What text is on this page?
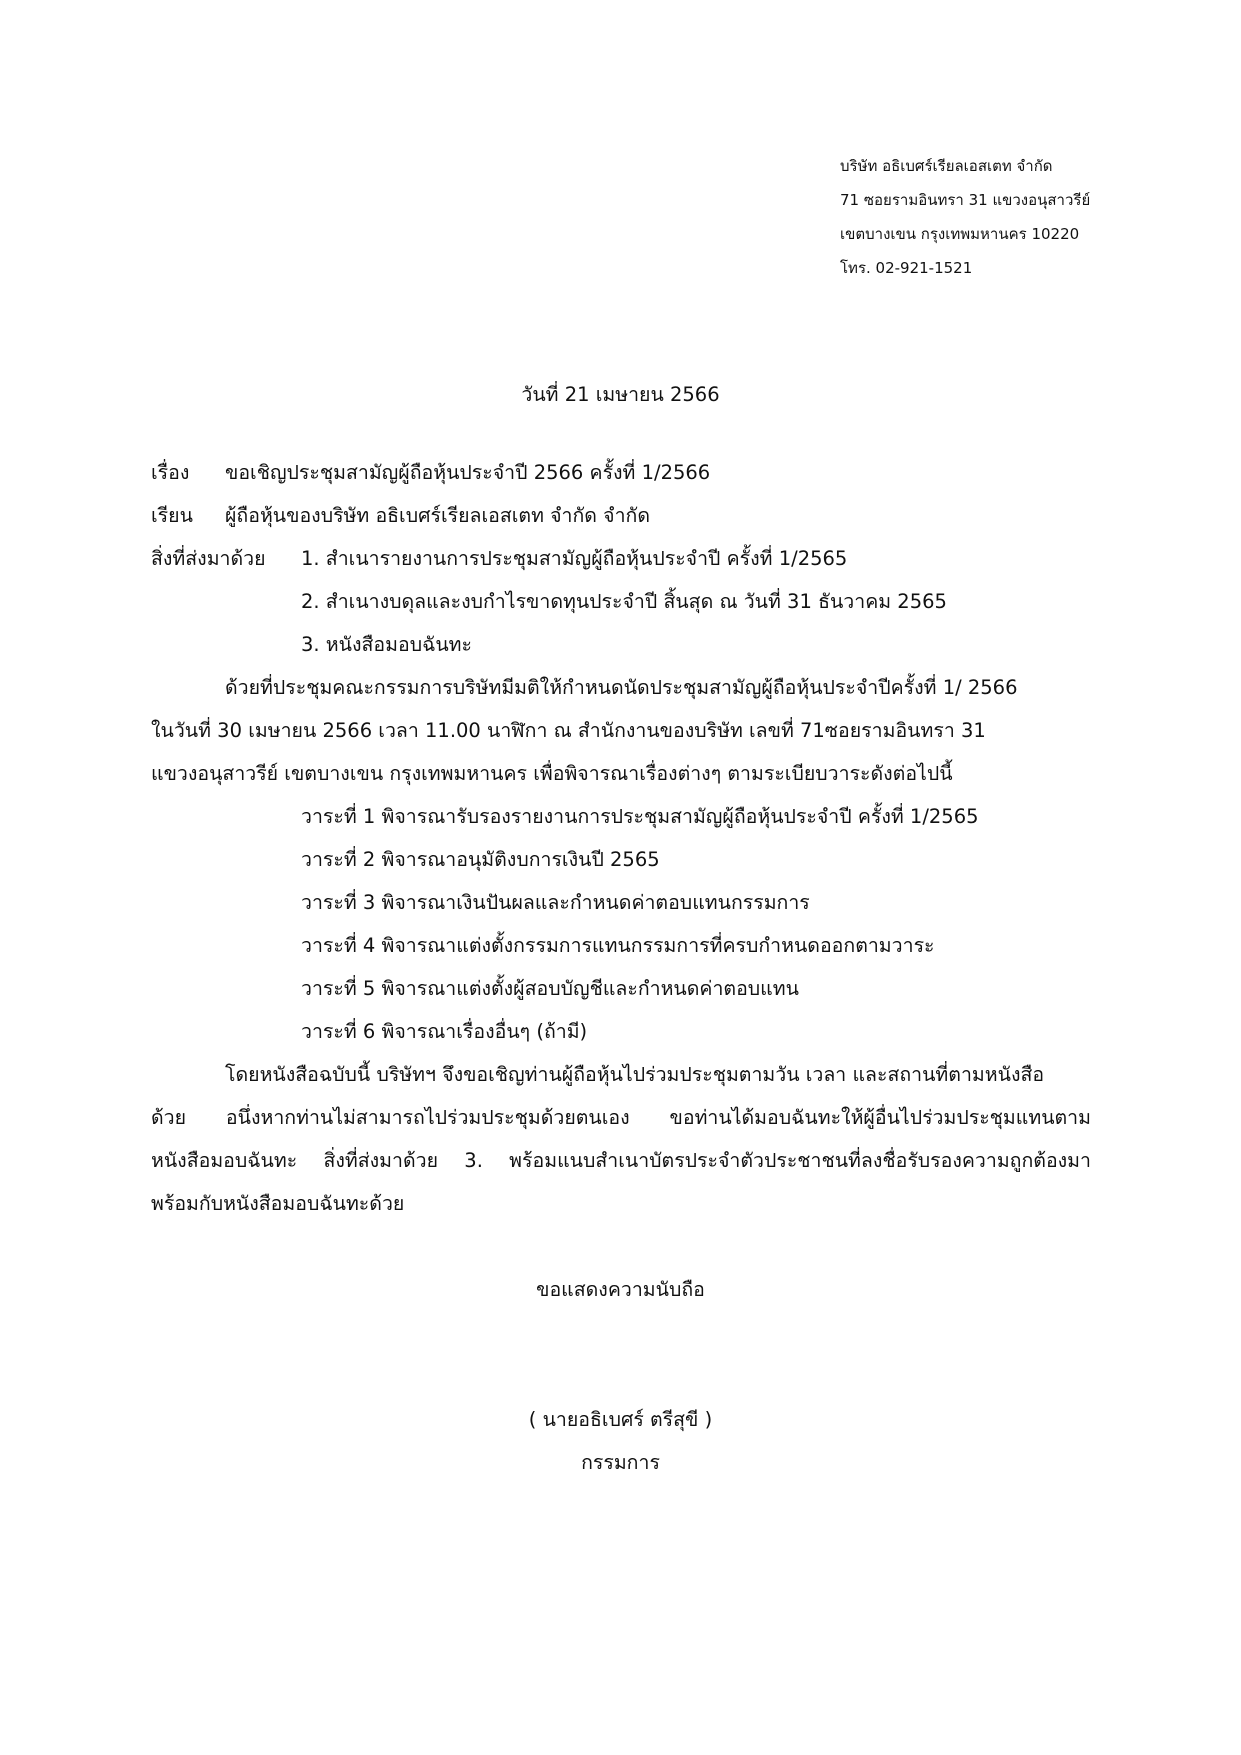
บริษัท อธิเบศร์เรียลเอสเตท จำกัด
71 ซอยรามอินทรา 31 แขวงอนุสาวรีย์
เขตบางเขน กรุงเทพมหานคร 10220
โทร. 02-921-1521
วันที่ 21 เมษายน 2566
เรื่อง ขอเชิญประชุมสามัญผู้ถือหุ้นประจำปี 2566 ครั้งที่ 1/2566
เรียน ผู้ถือหุ้นของบริษัท อธิเบศร์เรียลเอสเตท จำกัด จำกัด
สิ่งที่ส่งมาด้วย 1. สำเนารายงานการประชุมสามัญผู้ถือหุ้นประจำปี ครั้งที่ 1/2565
2. สำเนางบดุลและงบกำไรขาดทุนประจำปี สิ้นสุด ณ วันที่ 31 ธันวาคม 2565
3. หนังสือมอบฉันทะ
ด้วยที่ประชุมคณะกรรมการบริษัทมีมติให้กำหนดนัดประชุมสามัญผู้ถือหุ้นประจำปีครั้งที่ 1/ 2566
ในวันที่ 30 เมษายน 2566 เวลา 11.00 นาฬิกา ณ สำนักงานของบริษัท เลขที่ 71ซอยรามอินทรา 31
แขวงอนุสาวรีย์ เขตบางเขน กรุงเทพมหานคร เพื่อพิจารณาเรื่องต่างๆ ตามระเบียบวาระดังต่อไปนี้
วาระที่ 1 พิจารณารับรองรายงานการประชุมสามัญผู้ถือหุ้นประจำปี ครั้งที่ 1/2565
วาระที่ 2 พิจารณาอนุมัติงบการเงินปี 2565
วาระที่ 3 พิจารณาเงินปันผลและกำหนดค่าตอบแทนกรรมการ
วาระที่ 4 พิจารณาแต่งตั้งกรรมการแทนกรรมการที่ครบกำหนดออกตามวาระ
วาระที่ 5 พิจารณาแต่งตั้งผู้สอบบัญชีและกำหนดค่าตอบแทน
วาระที่ 6 พิจารณาเรื่องอื่นๆ (ถ้ามี)
โดยหนังสือฉบับนี้ บริษัทฯ จึงขอเชิญท่านผู้ถือหุ้นไปร่วมประชุมตามวัน เวลา และสถานที่ตามหนังสือ
ด้วย อนึ่งหากท่านไม่สามารถไปร่วมประชุมด้วยตนเอง ขอท่านได้มอบฉันทะให้ผู้อื่นไปร่วมประชุมแทนตาม
หนังสือมอบฉันทะ สิ่งที่ส่งมาด้วย 3. พร้อมแนบสำเนาบัตรประจำตัวประชาชนที่ลงชื่อรับรองความถูกต้องมา
พร้อมกับหนังสือมอบฉันทะด้วย
ขอแสดงความนับถือ
( นายอธิเบศร์ ตรีสุขี )
กรรมการ
